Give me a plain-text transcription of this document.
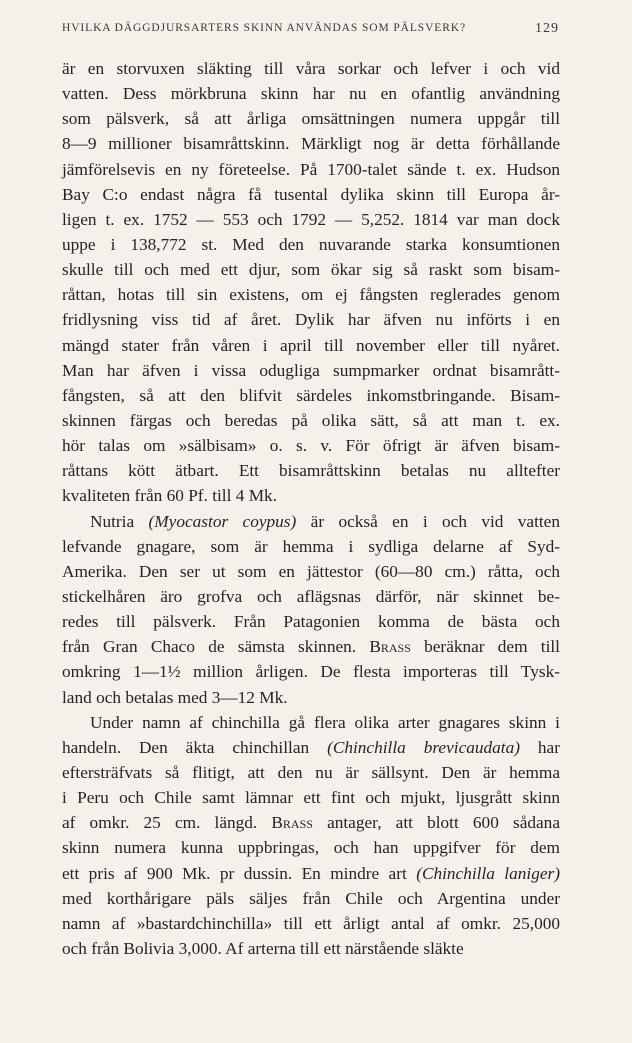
HVILKA DÄGGDJURSARTERS SKINN ANVÄNDAS SOM PÄLSVERK?	129
är en storvuxen släkting till våra sorkar och lefver i och vid
vatten. Dess mörkbruna skinn har nu en ofantlig användning
som pälsverk, så att årliga omsättningen numera uppgår till
8—9 millioner bisamråttskinn. Märkligt nog är detta förhållande
jämförelsevis en ny företeelse. På 1700-talet sände t. ex. Hudson
Bay C:o endast några få tusental dylika skinn till Europa år-
ligen t. ex. 1752 — 553 och 1792 — 5,252. 1814 var man dock
uppe i 138,772 st. Med den nuvarande starka konsumtionen
skulle till och med ett djur, som ökar sig så raskt som bisam-
råttan, hotas till sin existens, om ej fångsten reglerades genom
fridlysning viss tid af året. Dylik har äfven nu införts i en
mängd stater från våren i april till november eller till nyåret.
Man har äfven i vissa odugliga sumpmarker ordnat bisamrått-
fångsten, så att den blifvit särdeles inkomstbringande. Bisam-
skinnen färgas och beredas på olika sätt, så att man t. ex.
hör talas om »sälbisam» o. s. v. För öfrigt är äfven bisam-
råttans kött ätbart. Ett bisamråttskinn betalas nu alltefter
kvaliteten från 60 Pf. till 4 Mk.
Nutria (Myocastor coypus) är också en i och vid vatten
lefvande gnagare, som är hemma i sydliga delarne af Syd-
Amerika. Den ser ut som en jättestor (60—80 cm.) råtta, och
stickelhåren äro grofva och aflägsnas därför, när skinnet be-
redes till pälsverk. Från Patagonien komma de bästa och
från Gran Chaco de sämsta skinnen. Brass beräknar dem till
omkring 1—1½ million årligen. De flesta importeras till Tysk-
land och betalas med 3—12 Mk.
Under namn af chinchilla gå flera olika arter gnagares skinn i
handeln. Den äkta chinchillan (Chinchilla brevicaudata) har
eftersträfvats så flitigt, att den nu är sällsynt. Den är hemma
i Peru och Chile samt lämnar ett fint och mjukt, ljusgrått skinn
af omkr. 25 cm. längd. Brass antager, att blott 600 sådana
skinn numera kunna uppbringas, och han uppgifver för dem
ett pris af 900 Mk. pr dussin. En mindre art (Chinchilla laniger)
med korthårigare päls säljes från Chile och Argentina under
namn af »bastardchinchilla» till ett årligt antal af omkr. 25,000
och från Bolivia 3,000. Af arterna till ett närstående släkte
